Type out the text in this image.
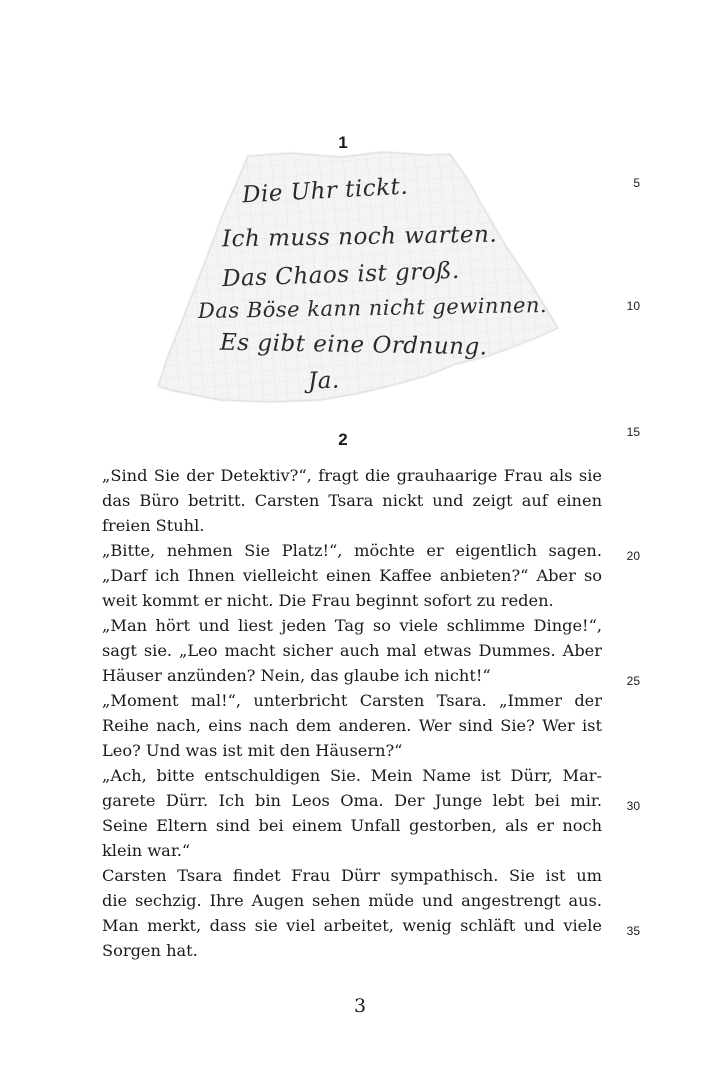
1
Die Uhr tickt.
Ich muss noch warten.
Das Chaos ist groß.
Das Böse kann nicht gewinnen.
Es gibt eine Ordnung.
Ja.
2
„Sind Sie der Detektiv?“, fragt die grauhaarige Frau als sie
das Büro betritt. Carsten Tsara nickt und zeigt auf einen
freien Stuhl.
„Bitte, nehmen Sie Platz!“, möchte er eigentlich sagen.
„Darf ich Ihnen vielleicht einen Kaffee anbieten?“ Aber so
weit kommt er nicht. Die Frau beginnt sofort zu reden.
„Man hört und liest jeden Tag so viele schlimme Dinge!“,
sagt sie. „Leo macht sicher auch mal etwas Dummes. Aber
Häuser anzünden? Nein, das glaube ich nicht!“
„Moment mal!“, unterbricht Carsten Tsara. „Immer der
Reihe nach, eins nach dem anderen. Wer sind Sie? Wer ist
Leo? Und was ist mit den Häusern?“
„Ach, bitte entschuldigen Sie. Mein Name ist Dürr, Mar-
garete Dürr. Ich bin Leos Oma. Der Junge lebt bei mir.
Seine Eltern sind bei einem Unfall gestorben, als er noch
klein war.“
Carsten Tsara findet Frau Dürr sympathisch. Sie ist um
die sechzig. Ihre Augen sehen müde und angestrengt aus.
Man merkt, dass sie viel arbeitet, wenig schläft und viele
Sorgen hat.
5
10
15
20
25
30
35
3
